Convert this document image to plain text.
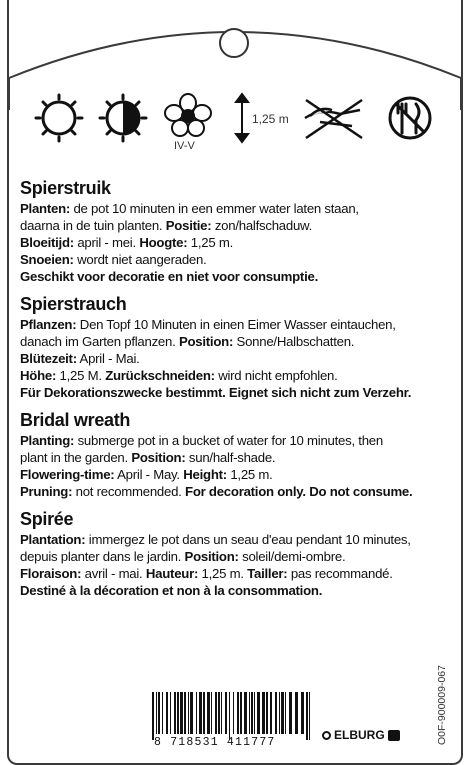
IV-V
1,25 m
Spierstruik
Planten: de pot 10 minuten in een emmer water laten staan,
daarna in de tuin planten. Positie: zon/halfschaduw.
Bloeitijd: april - mei. Hoogte: 1,25 m.
Snoeien: wordt niet aangeraden.
Geschikt voor decoratie en niet voor consumptie.
Spierstrauch
Pflanzen: Den Topf 10 Minuten in einen Eimer Wasser eintauchen,
danach im Garten pflanzen. Position: Sonne/Halbschatten.
Blütezeit: April - Mai.
Höhe: 1,25 M. Zurückschneiden: wird nicht empfohlen.
Für Dekorationszwecke bestimmt. Eignet sich nicht zum Verzehr.
Bridal wreath
Planting: submerge pot in a bucket of water for 10 minutes, then
plant in the garden. Position: sun/half-shade.
Flowering-time: April - May. Height: 1,25 m.
Pruning: not recommended. For decoration only. Do not consume.
Spirée
Plantation: immergez le pot dans un seau d'eau pendant 10 minutes,
depuis planter dans le jardin. Position: soleil/demi-ombre.
Floraison: avril - mai. Hauteur: 1,25 m. Tailler: pas recommandé.
Destiné à la décoration et non à la consommation.
8 718531 411777
ELBURG	O0F-900009-067
